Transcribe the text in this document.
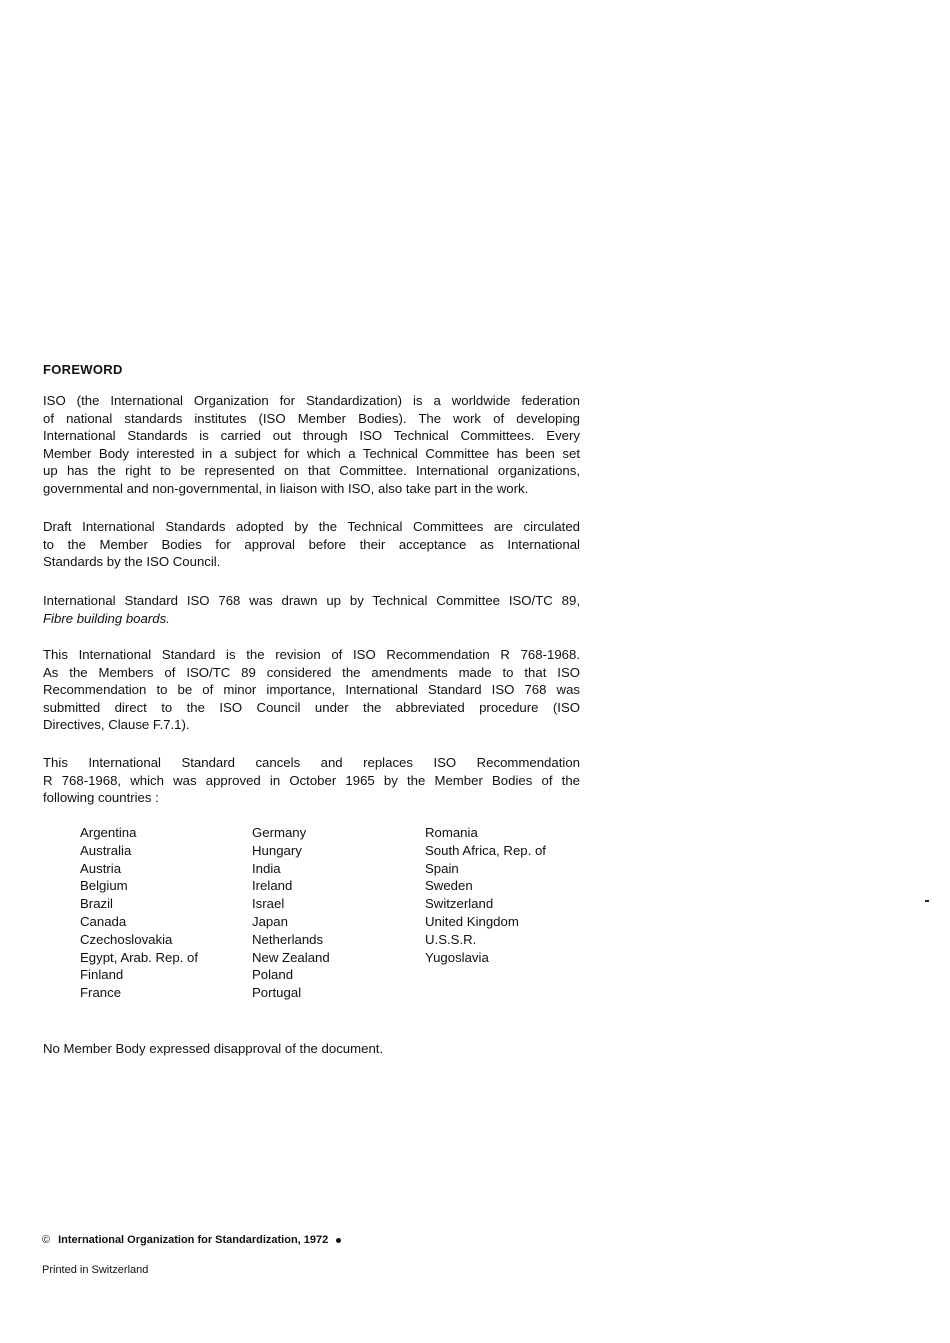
FOREWORD
ISO (the International Organization for Standardization) is a worldwide federation
of national standards institutes (ISO Member Bodies). The work of developing
International Standards is carried out through ISO Technical Committees. Every
Member Body interested in a subject for which a Technical Committee has been set
up has the right to be represented on that Committee. International organizations,
governmental and non-governmental, in liaison with ISO, also take part in the work.
Draft International Standards adopted by the Technical Committees are circulated
to the Member Bodies for approval before their acceptance as International
Standards by the ISO Council.
International Standard ISO 768 was drawn up by Technical Committee ISO/TC 89,
Fibre building boards.
This International Standard is the revision of ISO Recommendation R 768-1968.
As the Members of ISO/TC 89 considered the amendments made to that ISO
Recommendation to be of minor importance, International Standard ISO 768 was
submitted direct to the ISO Council under the abbreviated procedure (ISO
Directives, Clause F.7.1).
This International Standard cancels and replaces ISO Recommendation
R 768-1968, which was approved in October 1965 by the Member Bodies of the
following countries :
Argentina
Australia
Austria
Belgium
Brazil
Canada
Czechoslovakia
Egypt, Arab. Rep. of
Finland
France
Germany
Hungary
India
Ireland
Israel
Japan
Netherlands
New Zealand
Poland
Portugal
Romania
South Africa, Rep. of
Spain
Sweden
Switzerland
United Kingdom
U.S.S.R.
Yugoslavia
No Member Body expressed disapproval of the document.
© International Organization for Standardization, 1972
Printed in Switzerland
